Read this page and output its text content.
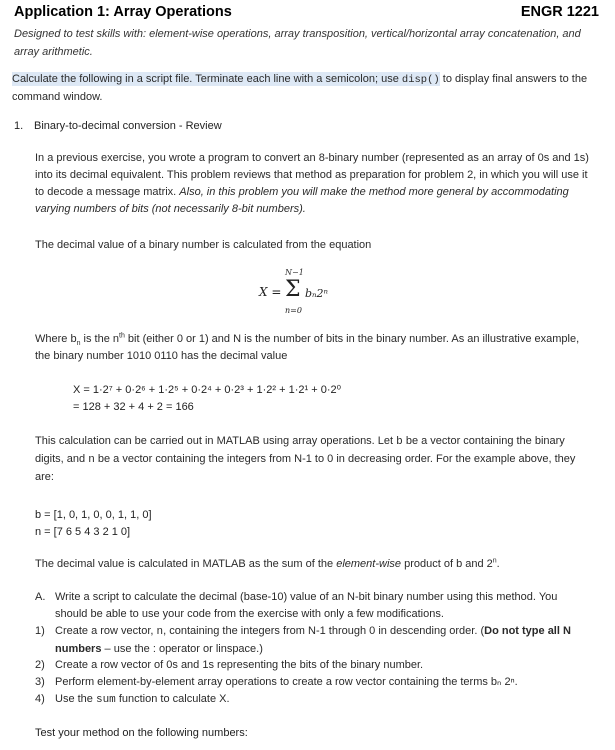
Application 1: Array Operations	ENGR 1221
Designed to test skills with: element-wise operations, array transposition, vertical/horizontal array concatenation, and array arithmetic.
Calculate the following in a script file. Terminate each line with a semicolon; use disp() to display final answers to the command window.
1. Binary-to-decimal conversion - Review
In a previous exercise, you wrote a program to convert an 8-binary number (represented as an array of 0s and 1s) into its decimal equivalent. This problem reviews that method as preparation for problem 2, in which you will use it to decode a message matrix. Also, in this problem you will make the method more general by accommodating varying numbers of bits (not necessarily 8-bit numbers).
The decimal value of a binary number is calculated from the equation
N−1
X = Σ bₙ2ⁿ
n=0
Where $b_n$ is the $n^{th}$ bit (either 0 or 1) and N is the number of bits in the binary number. As an illustrative example, the binary number 1010 0110 has the decimal value
X = 1·2⁷ + 0·2⁶ + 1·2⁵ + 0·2⁴ + 0·2³ + 1·2² + 1·2¹ + 0·2⁰
= 128 + 32 + 4 + 2 = 166
This calculation can be carried out in MATLAB using array operations. Let b be a vector containing the binary digits, and n be a vector containing the integers from N-1 to 0 in decreasing order. For the example above, they are:
b = [1, 0, 1, 0, 0, 1, 1, 0]
n = [7 6 5 4 3 2 1 0]
The decimal value is calculated in MATLAB as the sum of the element-wise product of b and 2$^n$.
A. Write a script to calculate the decimal (base-10) value of an N-bit binary number using this method. You should be able to use your code from the exercise with only a few modifications.
1) Create a row vector, n, containing the integers from N-1 through 0 in descending order. (Do not type all N numbers – use the : operator or linspace.)
2) Create a row vector of 0s and 1s representing the bits of the binary number.
3) Perform element-by-element array operations to create a row vector containing the terms bₙ 2ⁿ.
4) Use the sum function to calculate X.
Test your method on the following numbers:
